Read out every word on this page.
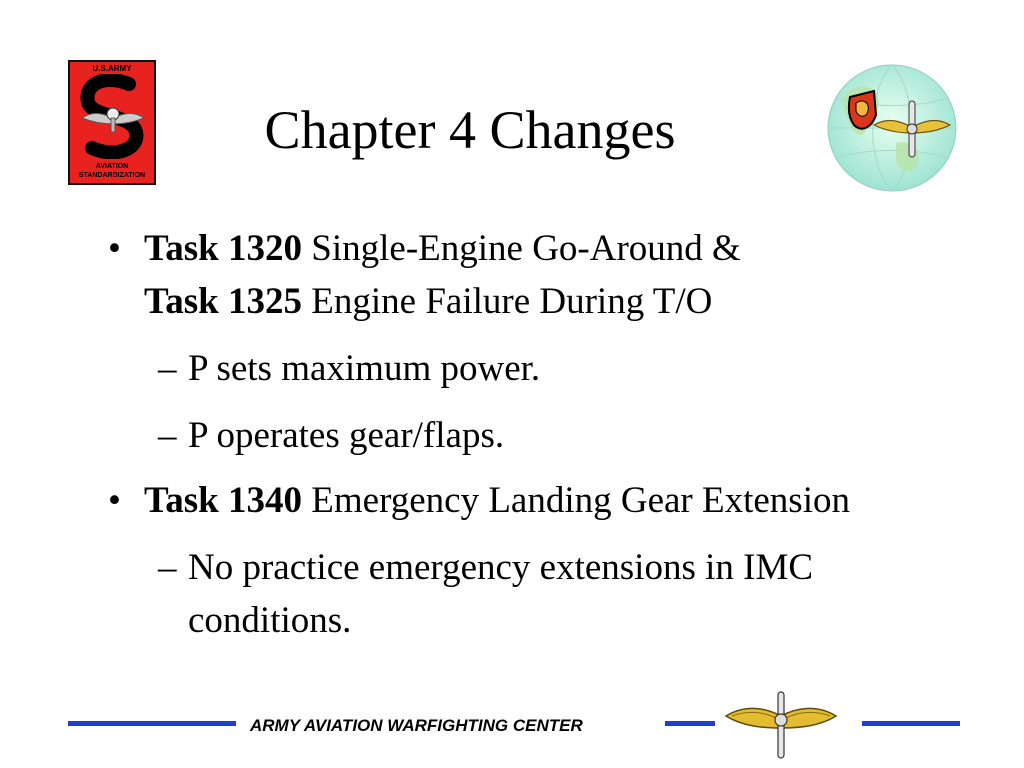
U.S.ARMY
AVIATION
STANDARDIZATION
Chapter 4 Changes
• Task 1320 Single-Engine Go-Around &
Task 1325 Engine Failure During T/O
– P sets maximum power.
– P operates gear/flaps.
• Task 1340 Emergency Landing Gear Extension
– No practice emergency extensions in IMC conditions.
ARMY AVIATION WARFIGHTING CENTER
